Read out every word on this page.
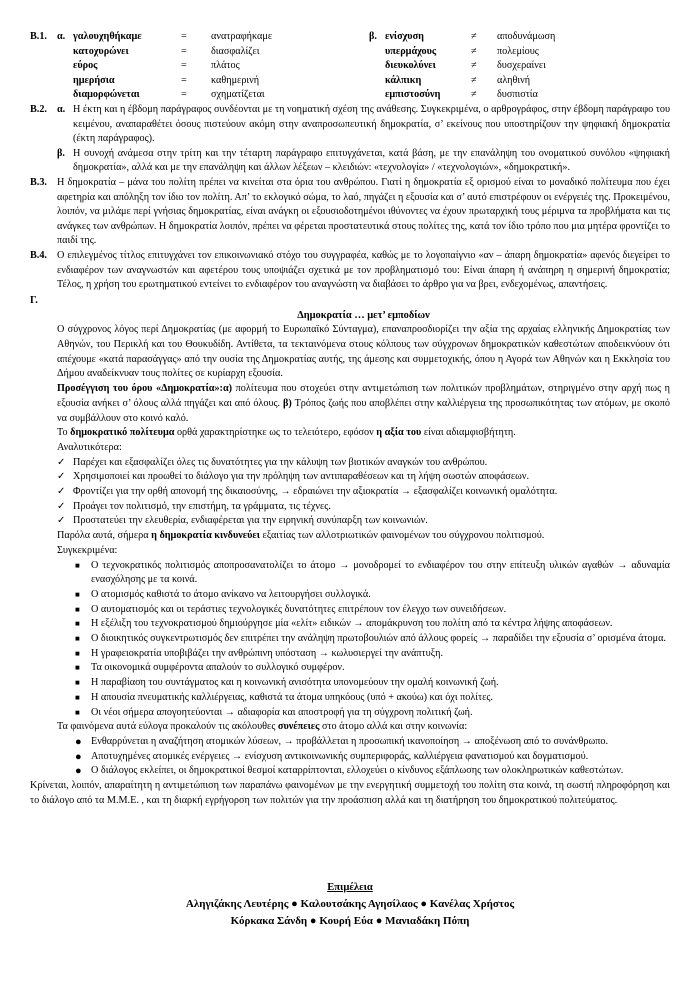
Β.1. α. γαλουχηθήκαμε	=	ανατραφήκαμε
κατοχυρώνει	=	διασφαλίζει
εύρος	=	πλάτος
ημερήσια	=	καθημερινή
διαμορφώνεται	=	σχηματίζεται
β. ενίσχυση	≠	αποδυνάμωση
υπερμάχους	≠	πολεμίους
διευκολύνει	≠	δυσχεραίνει
κάλπικη	≠	αληθινή
εμπιστοσύνη	≠	δυσπιστία
Β.2. α. Η έκτη και η έβδομη παράγραφος συνδέονται με τη νοηματική σχέση της ανάθεσης. Συγκεκριμένα, ο αρθρογράφος, στην έβδομη παράγραφο του κειμένου, αναπαραθέτει όσους πιστεύουν ακόμη στην αναπροσωπευτική δημοκρατία, σ’ εκείνους που υποστηρίζουν την ψηφιακή δημοκρατία (έκτη παράγραφος).
β. Η συνοχή ανάμεσα στην τρίτη και την τέταρτη παράγραφο επιτυγχάνεται, κατά βάση, με την επανάληψη του ονοματικού συνόλου «ψηφιακή δημοκρατία», αλλά και με την επανάληψη και άλλων λέξεων – κλειδιών: «τεχνολογία» / «τεχνολογιών», «δημοκρατική».
Β.3. Η δημοκρατία – μάνα του πολίτη πρέπει να κινείται στα όρια του ανθρώπου. Γιατί η δημοκρατία εξ ορισμού είναι το μοναδικό πολίτευμα που έχει αφετηρία και απόληξη τον ίδιο τον πολίτη. Απ’ το εκλογικό σώμα, το λαό, πηγάζει η εξουσία και σ’ αυτό επιστρέφουν οι ενέργειές της. Προκειμένου, λοιπόν, να μιλάμε περί γνήσιας δημοκρατίας, είναι ανάγκη οι εξουσιοδοτημένοι ιθύνοντες να έχουν πρωταρχική τους μέριμνα τα προβλήματα και τις ανάγκες των ανθρώπων. Η δημοκρατία λοιπόν, πρέπει να φέρεται προστατευτικά στους πολίτες της, κατά τον ίδιο τρόπο που μια μητέρα φροντίζει το παιδί της.
Β.4. Ο επιλεγμένος τίτλος επιτυγχάνει τον επικοινωνιακό στόχο του συγγραφέα, καθώς με το λογοπαίγνιο «αν – άπαρη δημοκρατία» αφενός διεγείρει το ενδιαφέρον των αναγνωστών και αφετέρου τους υποψιάζει σχετικά με τον προβληματισμό του: Είναι άπαρη ή ανάπηρη η σημερινή δημοκρατία; Τέλος, η χρήση του ερωτηματικού εντείνει το ενδιαφέρον του αναγνώστη να διαβάσει το άρθρο για να βρει, ενδεχομένως, απαντήσεις.
Γ.
Δημοκρατία … μετ’ εμποδίων
Ο σύγχρονος λόγος περί Δημοκρατίας (με αφορμή το Ευρωπαϊκό Σύνταγμα), επαναπροσδιορίζει την αξία της αρχαίας ελληνικής Δημοκρατίας των Αθηνών, του Περικλή και του Θουκυδίδη. Αντίθετα, τα τεκταινόμενα στους κόλπους των σύγχρονων δημοκρατικών καθεστώτων αποδεικνύουν ότι απέχουμε «κατά παρασάγγας» από την ουσία της Δημοκρατίας αυτής, της άμεσης και συμμετοχικής, όπου η Αγορά των Αθηνών και η Εκκλησία του Δήμου αναδείκνυαν τους πολίτες σε κυρίαρχη εξουσία.
Προσέγγιση του όρου «Δημοκρατία»:α) πολίτευμα που στοχεύει στην αντιμετώπιση των πολιτικών προβλημάτων, στηριγμένο στην αρχή πως η εξουσία ανήκει σ’ όλους αλλά πηγάζει και από όλους. β) Τρόπος ζωής που αποβλέπει στην καλλιέργεια της προσωπικότητας των ατόμων, με σκοπό να συμβάλλουν στο κοινό καλό.
Το δημοκρατικό πολίτευμα ορθά χαρακτηρίστηκε ως το τελειότερο, εφόσον η αξία του είναι αδιαμφισβήτητη.
Αναλυτικότερα:
✓ Παρέχει και εξασφαλίζει όλες τις δυνατότητες για την κάλυψη των βιοτικών αναγκών του ανθρώπου.
✓ Χρησιμοποιεί και προωθεί το διάλογο για την πρόληψη των αντιπαραθέσεων και τη λήψη σωστών αποφάσεων.
✓ Φροντίζει για την ορθή απονομή της δικαιοσύνης, → εδραιώνει την αξιοκρατία → εξασφαλίζει κοινωνική ομαλότητα.
✓ Προάγει τον πολιτισμό, την επιστήμη, τα γράμματα, τις τέχνες.
✓ Προστατεύει την ελευθερία, ενδιαφέρεται για την ειρηνική συνύπαρξη των κοινωνιών.
Παρόλα αυτά, σήμερα η δημοκρατία κινδυνεύει εξαιτίας των αλλοτριωτικών φαινομένων του σύγχρονου πολιτισμού.
Συγκεκριμένα:
■	Ο τεχνοκρατικός πολιτισμός αποπροσανατολίζει το άτομο → μονοδρομεί το ενδιαφέρον του στην επίτευξη υλικών αγαθών → αδυναμία ενασχόλησης με τα κοινά.
■	Ο ατομισμός καθιστά το άτομο ανίκανο να λειτουργήσει συλλογικά.
■	Ο αυτοματισμός και οι τεράστιες τεχνολογικές δυνατότητες επιτρέπουν τον έλεγχο των συνειδήσεων.
■	Η εξέλιξη του τεχνοκρατισμού δημιούργησε μία «ελίτ» ειδικών → απομάκρυνση του πολίτη από τα κέντρα λήψης αποφάσεων.
■	Ο διοικητικός συγκεντρωτισμός δεν επιτρέπει την ανάληψη πρωτοβουλιών από άλλους φορείς → παραδίδει την εξουσία σ’ ορισμένα άτομα.
■	Η γραφειοκρατία υποβιβάζει την ανθρώπινη υπόσταση → κωλυσιεργεί την ανάπτυξη.
■	Τα οικονομικά συμφέροντα απαλούν το συλλογικό συμφέρον.
■	Η παραβίαση του συντάγματος και η κοινωνική ανισότητα υπονομεύουν την ομαλή κοινωνική ζωή.
■	Η απουσία πνευματικής καλλιέργειας, καθιστά τα άτομα υπηκόους (υπό + ακούω) και όχι πολίτες.
■	Οι νέοι σήμερα απογοητεύονται → αδιαφορία και αποστροφή για τη σύγχρονη πολιτική ζωή.
Τα φαινόμενα αυτά εύλογα προκαλούν τις ακόλουθες συνέπειες στο άτομο αλλά και στην κοινωνία:
● Ενθαρρύνεται η αναζήτηση ατομικών λύσεων, → προβάλλεται η προσωπική ικανοποίηση → αποξένωση από το συνάνθρωπο.
● Αποτυχημένες ατομικές ενέργειες → ενίσχυση αντικοινωνικής συμπεριφοράς, καλλιέργεια φανατισμού και δογματισμού.
● Ο διάλογος εκλείπει, οι δημοκρατικοί θεσμοί καταρρίπτονται, ελλοχεύει ο κίνδυνος εξάπλωσης των ολοκληρωτικών καθεστώτων.
Κρίνεται, λοιπόν, απαραίτητη η αντιμετώπιση των παραπάνω φαινομένων με την ενεργητική συμμετοχή του πολίτη στα κοινά, τη σωστή πληροφόρηση και το διάλογο από τα Μ.Μ.Ε. , και τη διαρκή εγρήγορση των πολιτών για την προάσπιση αλλά και τη διατήρηση του δημοκρατικού πολιτεύματος.
Επιμέλεια
Αληγιζάκης Λευτέρης ● Καλουτσάκης Αγησίλαος ● Κανέλας Χρήστος
Κόρκακα Σάνδη ● Κουρή Εύα ● Μανιαδάκη Πόπη
